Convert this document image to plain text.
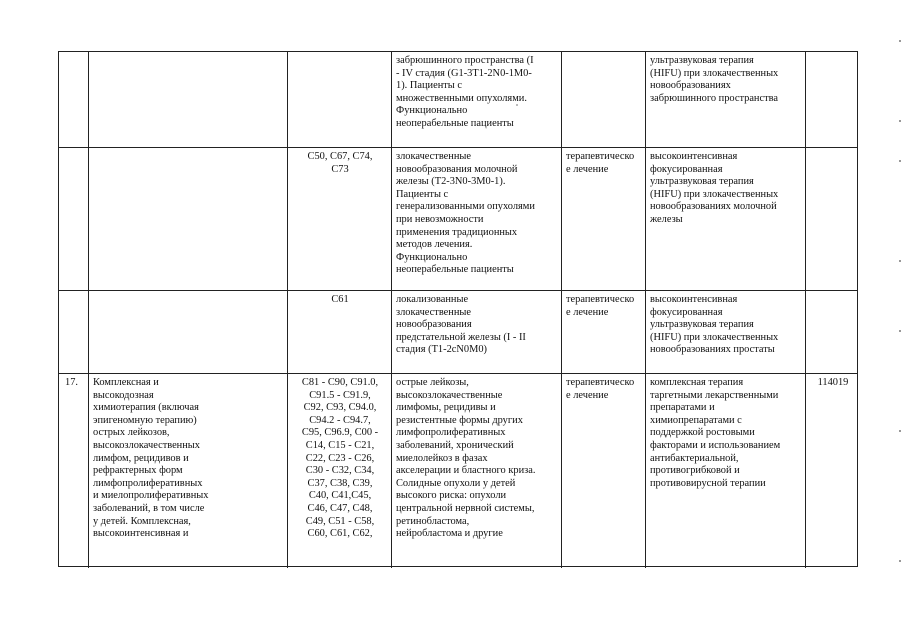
забрюшинного пространства (I
- IV стадия (G1-3T1-2N0-1M0-
1). Пациенты с
множественными опухолями.
Функционально
неоперабельные пациенты
ультразвуковая терапия
(HIFU) при злокачественных
новообразованиях
забрюшинного пространства
C50, C67, C74,
C73
злокачественные
новообразования молочной
железы (T2-3N0-3M0-1).
Пациенты с
генерализованными опухолями
при невозможности
применения традиционных
методов лечения.
Функционально
неоперабельные пациенты
терапевтическо
е лечение
высокоинтенсивная
фокусированная
ультразвуковая терапия
(HIFU) при злокачественных
новообразованиях молочной
железы
C61	локализованные
злокачественные
новообразования
предстательной железы (I - II
стадия (T1-2cN0M0)
терапевтическо
е лечение
высокоинтенсивная
фокусированная
ультразвуковая терапия
(HIFU) при злокачественных
новообразованиях простаты
17.	Комплексная и
высокодозная
химиотерапия (включая
эпигеномную терапию)
острых лейкозов,
высокозлокачественных
лимфом, рецидивов и
рефрактерных форм
лимфопролиферативных
и миелопролиферативных
заболеваний, в том числе
у детей. Комплексная,
высокоинтенсивная и
C81 - C90, C91.0,
C91.5 - C91.9,
C92, C93, C94.0,
C94.2 - C94.7,
C95, C96.9, C00 -
C14, C15 - C21,
C22, C23 - C26,
C30 - C32, C34,
C37, C38, C39,
C40, C41,C45,
C46, C47, C48,
C49, C51 - C58,
C60, C61, C62,
острые лейкозы,
высокозлокачественные
лимфомы, рецидивы и
резистентные формы других
лимфопролиферативных
заболеваний, хронический
миелолейкоз в фазах
акселерации и бластного криза.
Солидные опухоли у детей
высокого риска: опухоли
центральной нервной системы,
ретинобластома,
нейробластома и другие
терапевтическо
е лечение
комплексная терапия
таргетными лекарственными
препаратами и
химиопрепаратами с
поддержкой ростовыми
факторами и использованием
антибактериальной,
противогрибковой и
противовирусной терапии
114019
